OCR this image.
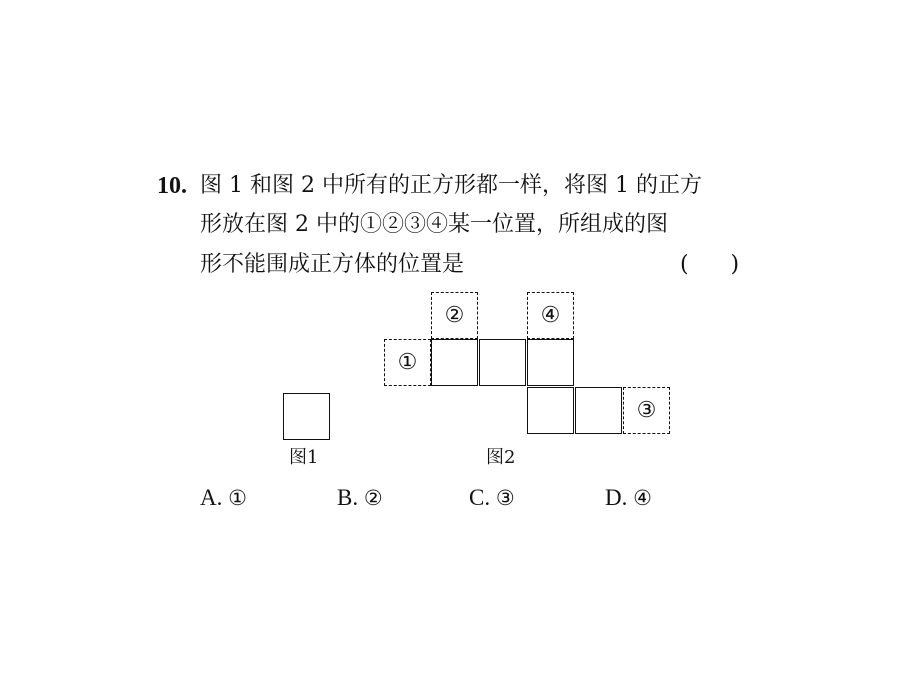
10. 图 1 和图 2 中所有的正方形都一样，将图 1 的正方
形放在图 2 中的①②③④某一位置，所组成的图
形不能围成正方体的位置是	(      )
图1
①
②
③
④
图2
A. ①	B. ②	C. ③	D. ④
